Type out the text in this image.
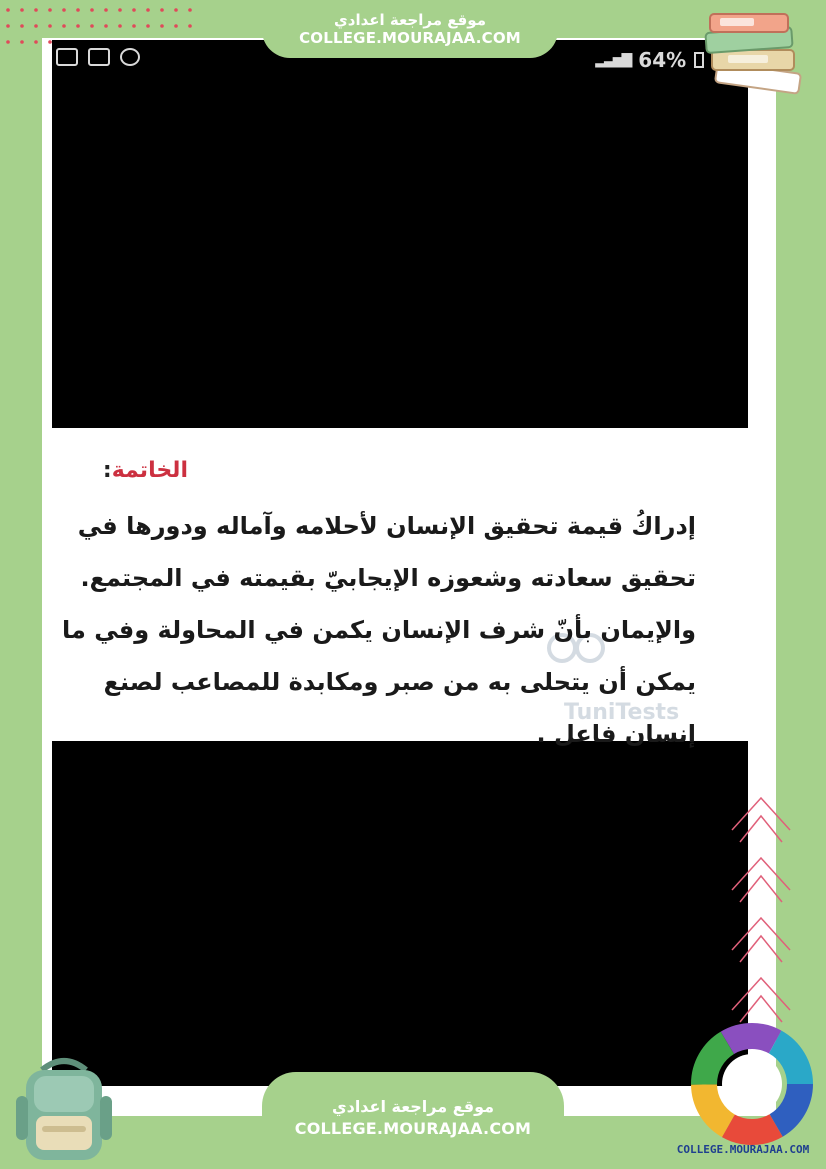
▂▃▅▇ 64%
TuniTests
الخاتمة:
إدراكُ قيمة تحقيق الإنسان لأحلامه وآماله ودورها في
تحقيق سعادته وشعوزه الإيجابيّ بقيمته في المجتمع.
والإيمان بأنّ شرف الإنسان يكمن في المحاولة وفي ما
يمكن أن يتحلى به من صبر ومكابدة للمصاعب لصنع
إنسان فاعل .
موقع مراجعة اعدادي
COLLEGE.MOURAJAA.COM
موقع مراجعة اعدادي
COLLEGE.MOURAJAA.COM
COLLEGE.MOURAJAA.COM
